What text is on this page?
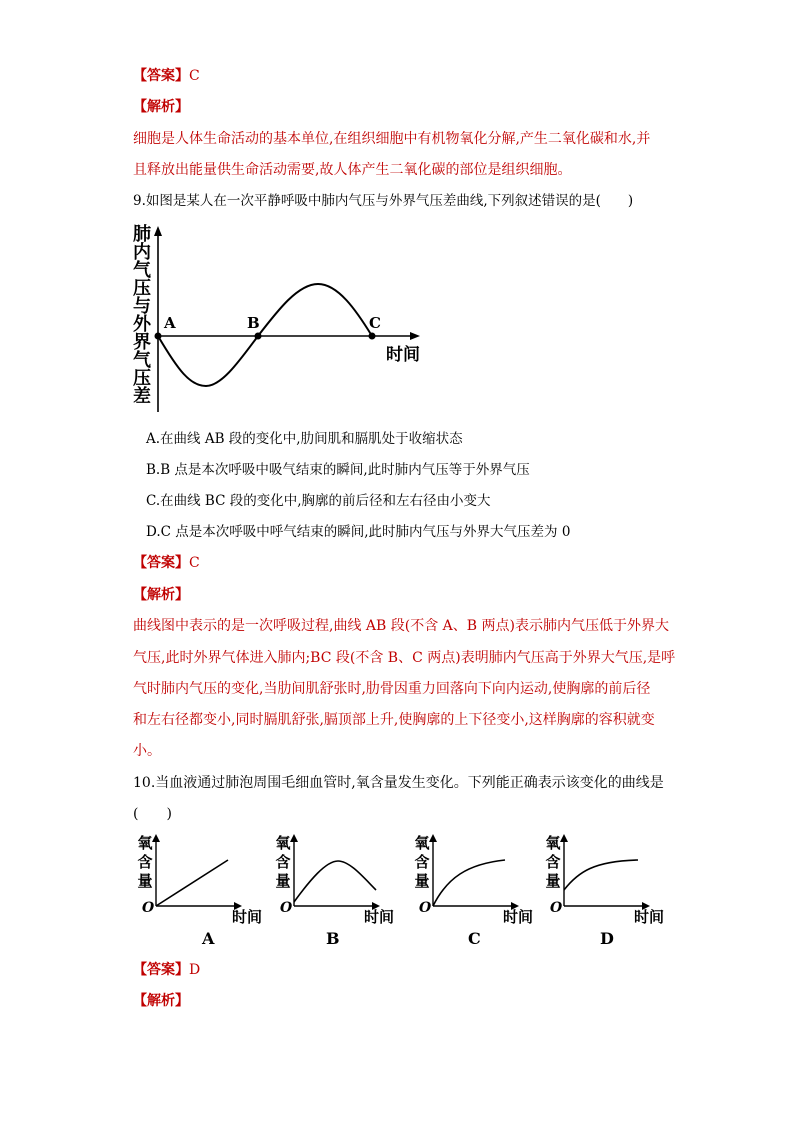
【答案】C
【解析】
细胞是人体生命活动的基本单位,在组织细胞中有机物氧化分解,产生二氧化碳和水,并
且释放出能量供生命活动需要,故人体产生二氧化碳的部位是组织细胞。
9.如图是某人在一次平静呼吸中肺内气压与外界气压差曲线,下列叙述错误的是(　　)
肺
内
气
压
与
外
界
气
压
差
A	B	C
时间
A.在曲线 AB 段的变化中,肋间肌和膈肌处于收缩状态
B.B 点是本次呼吸中吸气结束的瞬间,此时肺内气压等于外界气压
C.在曲线 BC 段的变化中,胸廓的前后径和左右径由小变大
D.C 点是本次呼吸中呼气结束的瞬间,此时肺内气压与外界大气压差为 0
【答案】C
【解析】
曲线图中表示的是一次呼吸过程,曲线 AB 段(不含 A、B 两点)表示肺内气压低于外界大
气压,此时外界气体进入肺内;BC 段(不含 B、C 两点)表明肺内气压高于外界大气压,是呼
气时肺内气压的变化,当肋间肌舒张时,肋骨因重力回落向下向内运动,使胸廓的前后径
和左右径都变小,同时膈肌舒张,膈顶部上升,使胸廓的上下径变小,这样胸廓的容积就变
小。
10.当血液通过肺泡周围毛细血管时,氧含量发生变化。下列能正确表示该变化的曲线是
(　　)
氧
含
量
O	时间
A
氧
含
量
O	时间
B
氧
含
量
O	时间
C
氧
含
量
O	时间
D
【答案】D
【解析】
